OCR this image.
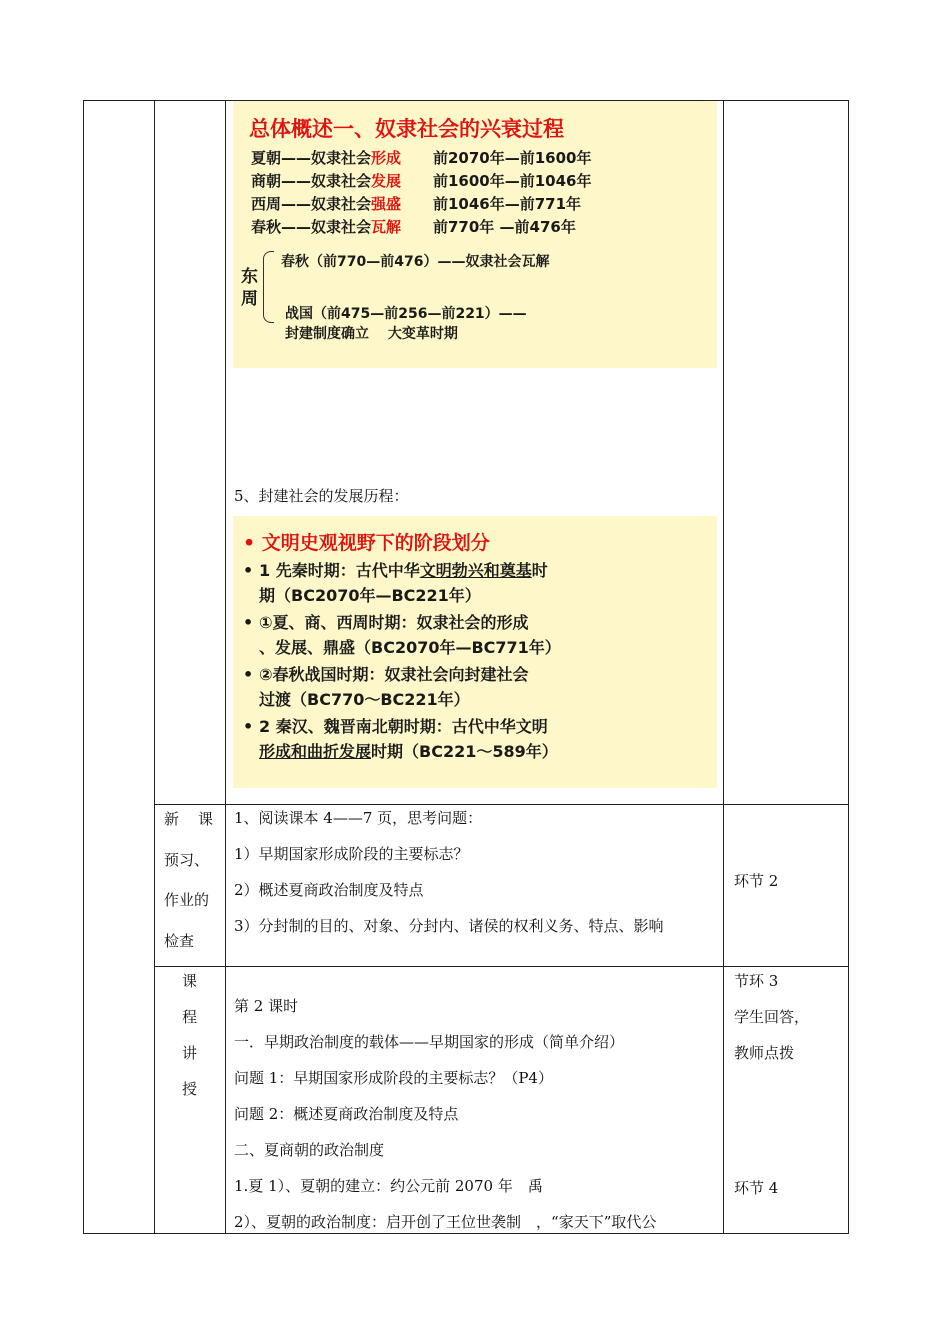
总体概述一、奴隶社会的兴衰过程
夏朝——奴隶社会形成 前2070年—前1600年
商朝——奴隶社会发展 前1600年—前1046年
西周——奴隶社会强盛 前1046年—前771年
春秋——奴隶社会瓦解 前770年 —前476年
东周
春秋（前770—前476）——奴隶社会瓦解
战国（前475—前256—前221）——
封建制度确立　 大变革时期
5、封建社会的发展历程：
• 文明史观视野下的阶段划分
• 1 先秦时期：古代中华文明勃兴和奠基时
期（BC2070年—BC221年）
• ①夏、商、西周时期：奴隶社会的形成
、发展、鼎盛（BC2070年—BC771年）
• ②春秋战国时期：奴隶社会向封建社会
过渡（BC770～BC221年）
• 2 秦汉、魏晋南北朝时期：古代中华文明
形成和曲折发展时期（BC221～589年）
新　课
预习、
作业的
检查
1、阅读课本 4——7 页，思考问题：
1）早期国家形成阶段的主要标志？
2）概述夏商政治制度及特点
3）分封制的目的、对象、分封内、诸侯的权利义务、特点、影响
环节 2
课
程
讲
授
第 2 课时
一．早期政治制度的载体——早期国家的形成（简单介绍）
问题 1：早期国家形成阶段的主要标志？（P4）
问题 2：概述夏商政治制度及特点
二、夏商朝的政治制度
1.夏 1）、夏朝的建立：约公元前 2070 年　禹
2）、夏朝的政治制度：启开创了王位世袭制　，“家天下”取代公
节环 3
学生回答，
教师点拨
环节 4
